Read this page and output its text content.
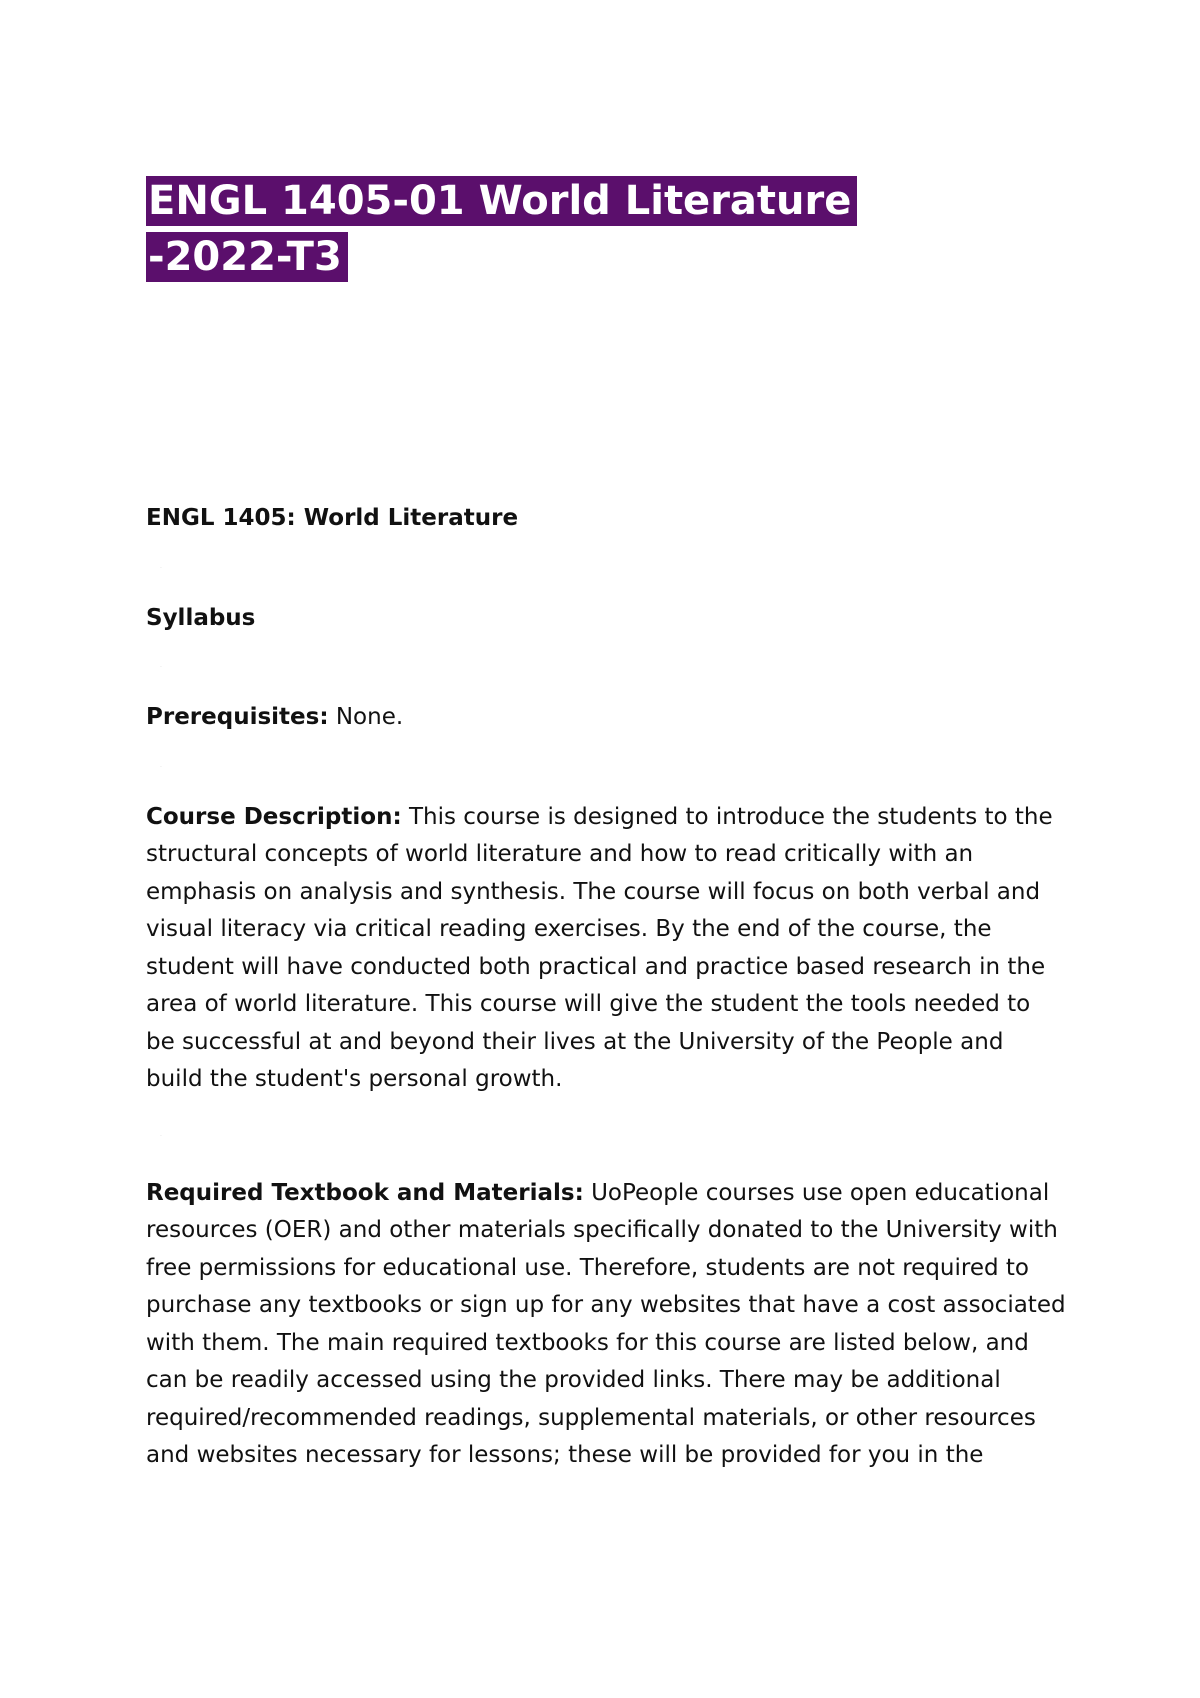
ENGL 1405-01 World Literature
-2022-T3

ENGL 1405: World Literature

·

Syllabus

·

Prerequisites: None.

·

Course Description: This course is designed to introduce the students to the structural concepts of world literature and how to read critically with an emphasis on analysis and synthesis. The course will focus on both verbal and visual literacy via critical reading exercises. By the end of the course, the student will have conducted both practical and practice based research in the area of world literature. This course will give the student the tools needed to be successful at and beyond their lives at the University of the People and build the student's personal growth.

·

Required Textbook and Materials: UoPeople courses use open educational resources (OER) and other materials specifically donated to the University with free permissions for educational use. Therefore, students are not required to purchase any textbooks or sign up for any websites that have a cost associated with them. The main required textbooks for this course are listed below, and can be readily accessed using the provided links. There may be additional required/recommended readings, supplemental materials, or other resources and websites necessary for lessons; these will be provided for you in the
